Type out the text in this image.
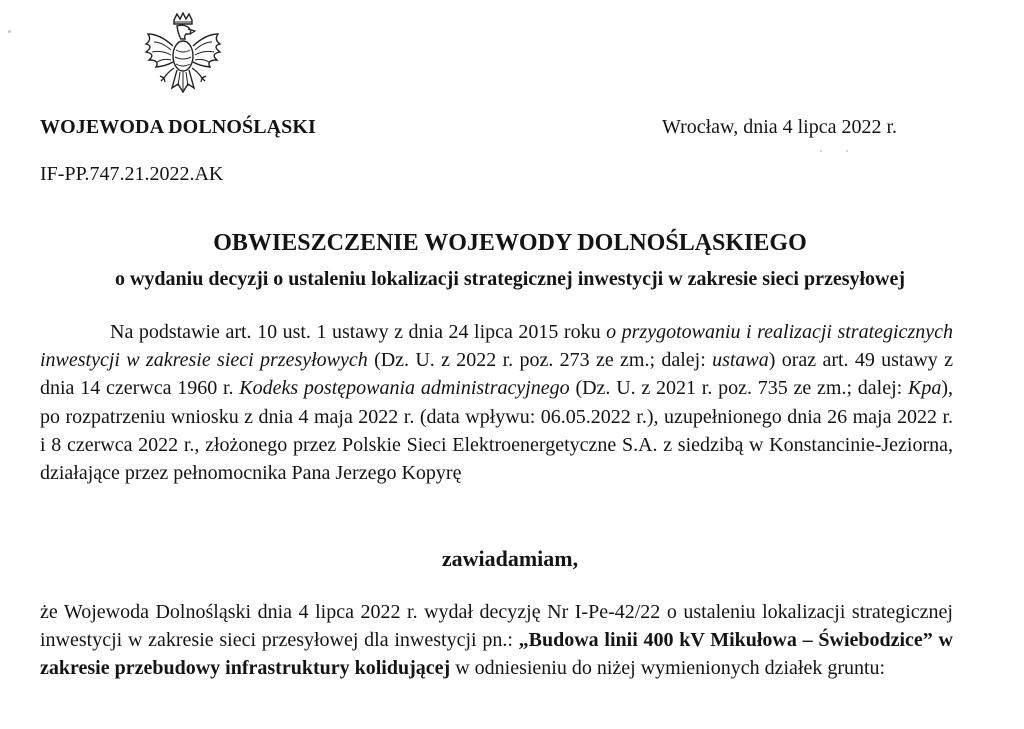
WOJEWODA DOLNOŚLĄSKI	Wrocław, dnia 4 lipca 2022 r.
IF-PP.747.21.2022.AK
OBWIESZCZENIE WOJEWODY DOLNOŚLĄSKIEGO
o wydaniu decyzji o ustaleniu lokalizacji strategicznej inwestycji w zakresie sieci przesyłowej
Na podstawie art. 10 ust. 1 ustawy z dnia 24 lipca 2015 roku o przygotowaniu i realizacji strategicznych inwestycji w zakresie sieci przesyłowych (Dz. U. z 2022 r. poz. 273 ze zm.; dalej: ustawa) oraz art. 49 ustawy z dnia 14 czerwca 1960 r. Kodeks postępowania administracyjnego (Dz. U. z 2021 r. poz. 735 ze zm.; dalej: Kpa), po rozpatrzeniu wniosku z dnia 4 maja 2022 r. (data wpływu: 06.05.2022 r.), uzupełnionego dnia 26 maja 2022 r. i 8 czerwca 2022 r., złożonego przez Polskie Sieci Elektroenergetyczne S.A. z siedzibą w Konstancinie-Jeziorna, działające przez pełnomocnika Pana Jerzego Kopyrę
zawiadamiam,
że Wojewoda Dolnośląski dnia 4 lipca 2022 r. wydał decyzję Nr I-Pe-42/22 o ustaleniu lokalizacji strategicznej inwestycji w zakresie sieci przesyłowej dla inwestycji pn.: „Budowa linii 400 kV Mikułowa – Świebodzice” w zakresie przebudowy infrastruktury kolidującej w odniesieniu do niżej wymienionych działek gruntu:
